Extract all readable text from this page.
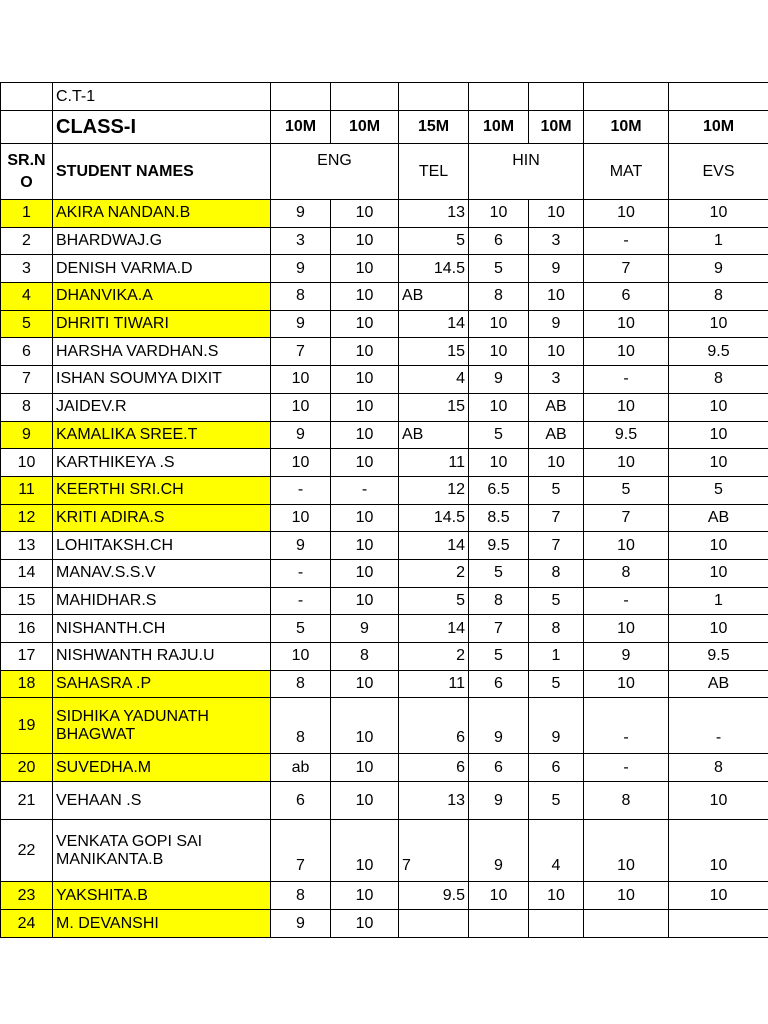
	C.T-1							
	CLASS-I	10M	10M	15M	10M	10M	10M	10M
SR.N
O	STUDENT NAMES	ENG		TEL	HIN		MAT	EVS
1	AKIRA NANDAN.B	9	10	13	10	10	10	10
2	BHARDWAJ.G	3	10	5	6	3	-	1
3	DENISH VARMA.D	9	10	14.5	5	9	7	9
4	DHANVIKA.A	8	10	AB	8	10	6	8
5	DHRITI TIWARI	9	10	14	10	9	10	10
6	HARSHA VARDHAN.S	7	10	15	10	10	10	9.5
7	ISHAN SOUMYA DIXIT	10	10	4	9	3	-	8
8	JAIDEV.R	10	10	15	10	AB	10	10
9	KAMALIKA SREE.T	9	10	AB	5	AB	9.5	10
10	KARTHIKEYA .S	10	10	11	10	10	10	10
11	KEERTHI SRI.CH	-	-	12	6.5	5	5	5
12	KRITI ADIRA.S	10	10	14.5	8.5	7	7	AB
13	LOHITAKSH.CH	9	10	14	9.5	7	10	10
14	MANAV.S.S.V	-	10	2	5	8	8	10
15	MAHIDHAR.S	-	10	5	8	5	-	1
16	NISHANTH.CH	5	9	14	7	8	10	10
17	NISHWANTH RAJU.U	10	8	2	5	1	9	9.5
18	SAHASRA .P	8	10	11	6	5	10	AB
19	SIDHIKA YADUNATH
BHAGWAT	8	10	6	9	9	-	-
20	SUVEDHA.M	ab	10	6	6	6	-	8
21	VEHAAN .S	6	10	13	9	5	8	10
22	VENKATA GOPI SAI
MANIKANTA.B	7	10	7	9	4	10	10
23	YAKSHITA.B	8	10	9.5	10	10	10	10
24	M. DEVANSHI	9	10					
